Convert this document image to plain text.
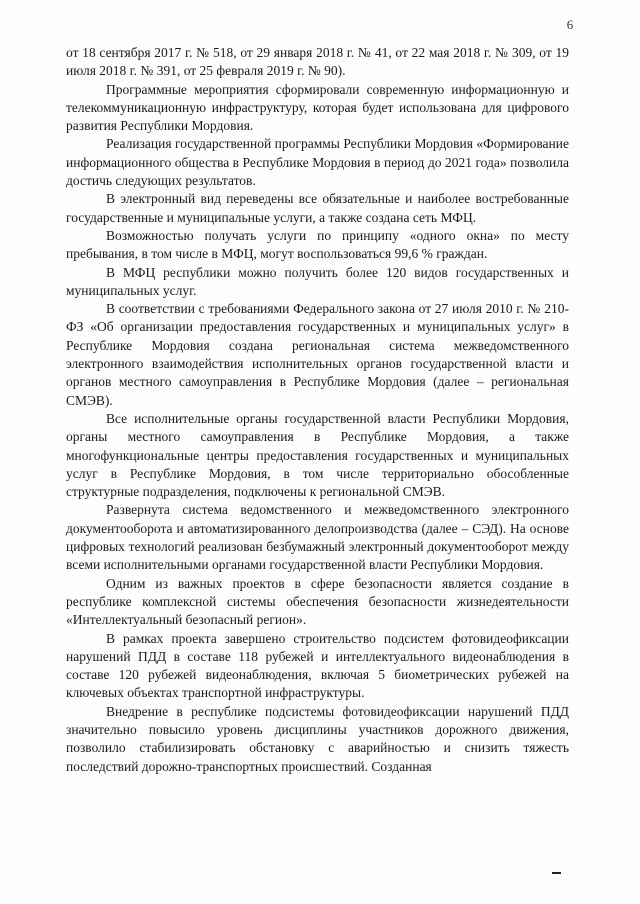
6

от 18 сентября 2017 г. № 518, от 29 января 2018 г. № 41, от 22 мая 2018 г. № 309, от 19 июля 2018 г. № 391, от 25 февраля 2019 г. № 90).

Программные мероприятия сформировали современную информационную и телекоммуникационную инфраструктуру, которая будет использована для цифрового развития Республики Мордовия.

Реализация государственной программы Республики Мордовия «Формирование информационного общества в Республике Мордовия в период до 2021 года» позволила достичь следующих результатов.

В электронный вид переведены все обязательные и наиболее востребованные государственные и муниципальные услуги, а также создана сеть МФЦ.

Возможностью получать услуги по принципу «одного окна» по месту пребывания, в том числе в МФЦ, могут воспользоваться 99,6 % граждан.

В МФЦ республики можно получить более 120 видов государственных и муниципальных услуг.

В соответствии с требованиями Федерального закона от 27 июля 2010 г. № 210-ФЗ «Об организации предоставления государственных и муниципальных услуг» в Республике Мордовия создана региональная система межведомственного электронного взаимодействия исполнительных органов государственной власти и органов местного самоуправления в Республике Мордовия (далее – региональная СМЭВ).

Все исполнительные органы государственной власти Республики Мордовия, органы местного самоуправления в Республике Мордовия, а также многофункциональные центры предоставления государственных и муниципальных услуг в Республике Мордовия, в том числе территориально обособленные структурные подразделения, подключены к региональной СМЭВ.

Развернута система ведомственного и межведомственного электронного документооборота и автоматизированного делопроизводства (далее – СЭД). На основе цифровых технологий реализован безбумажный электронный документооборот между всеми исполнительными органами государственной власти Республики Мордовия.

Одним из важных проектов в сфере безопасности является создание в республике комплексной системы обеспечения безопасности жизнедеятельности «Интеллектуальный безопасный регион».

В рамках проекта завершено строительство подсистем фотовидеофиксации нарушений ПДД в составе 118 рубежей и интеллектуального видеонаблюдения в составе 120 рубежей видеонаблюдения, включая 5 биометрических рубежей на ключевых объектах транспортной инфраструктуры.

Внедрение в республике подсистемы фотовидеофиксации нарушений ПДД значительно повысило уровень дисциплины участников дорожного движения, позволило стабилизировать обстановку с аварийностью и снизить тяжесть последствий дорожно-транспортных происшествий. Созданная
